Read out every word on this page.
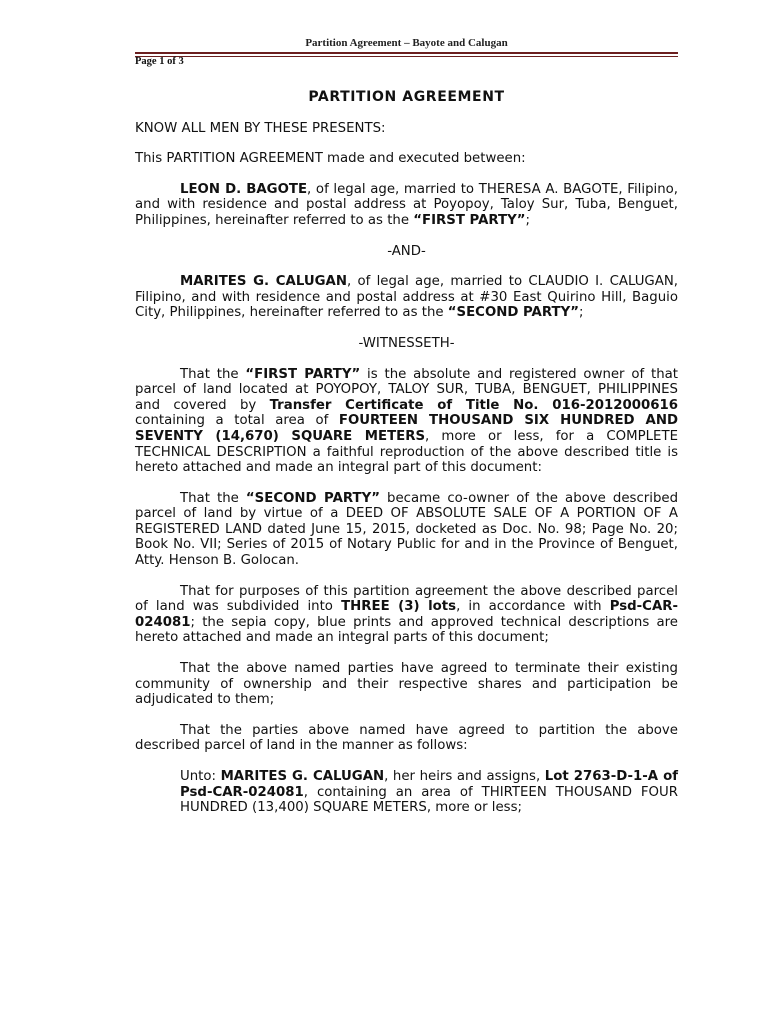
Partition Agreement – Bayote and Calugan
Page 1 of 3
PARTITION AGREEMENT

KNOW ALL MEN BY THESE PRESENTS:

This PARTITION AGREEMENT made and executed between:

LEON D. BAGOTE, of legal age, married to THERESA A. BAGOTE, Filipino, and with residence and postal address at Poyopoy, Taloy Sur, Tuba, Benguet, Philippines, hereinafter referred to as the “FIRST PARTY”;

-AND-

MARITES G. CALUGAN, of legal age, married to CLAUDIO I. CALUGAN, Filipino, and with residence and postal address at #30 East Quirino Hill, Baguio City, Philippines, hereinafter referred to as the “SECOND PARTY”;

-WITNESSETH-

That the “FIRST PARTY” is the absolute and registered owner of that parcel of land located at POYOPOY, TALOY SUR, TUBA, BENGUET, PHILIPPINES and covered by Transfer Certificate of Title No. 016-2012000616 containing a total area of FOURTEEN THOUSAND SIX HUNDRED AND SEVENTY (14,670) SQUARE METERS, more or less, for a COMPLETE TECHNICAL DESCRIPTION a faithful reproduction of the above described title is hereto attached and made an integral part of this document:

That the “SECOND PARTY” became co-owner of the above described parcel of land by virtue of a DEED OF ABSOLUTE SALE OF A PORTION OF A REGISTERED LAND dated June 15, 2015, docketed as Doc. No. 98; Page No. 20; Book No. VII; Series of 2015 of Notary Public for and in the Province of Benguet, Atty. Henson B. Golocan.

That for purposes of this partition agreement the above described parcel of land was subdivided into THREE (3) lots, in accordance with Psd-CAR-024081; the sepia copy, blue prints and approved technical descriptions are hereto attached and made an integral parts of this document;

That the above named parties have agreed to terminate their existing community of ownership and their respective shares and participation be adjudicated to them;

That the parties above named have agreed to partition the above described parcel of land in the manner as follows:

Unto: MARITES G. CALUGAN, her heirs and assigns, Lot 2763-D-1-A of Psd-CAR-024081, containing an area of THIRTEEN THOUSAND FOUR HUNDRED (13,400) SQUARE METERS, more or less;
